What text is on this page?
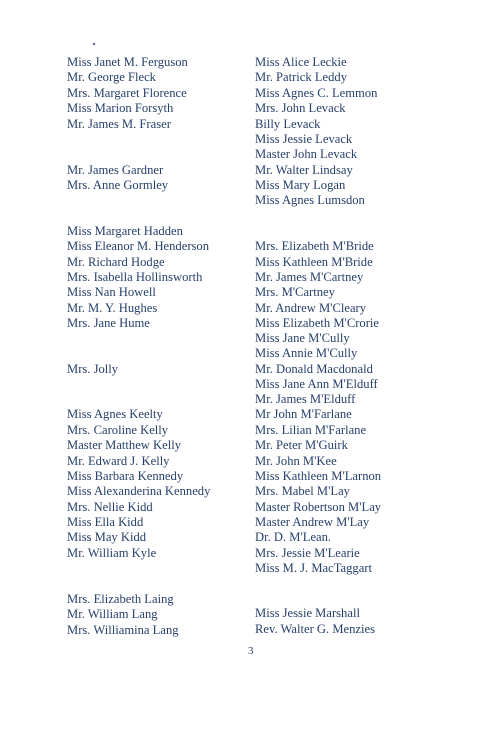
Miss Janet M. Ferguson
Mr. George Fleck
Mrs. Margaret Florence
Miss Marion Forsyth
Mr. James M. Fraser
Mr. James Gardner
Mrs. Anne Gormley
Miss Margaret Hadden
Miss Eleanor M. Henderson
Mr. Richard Hodge
Mrs. Isabella Hollinsworth
Miss Nan Howell
Mr. M. Y. Hughes
Mrs. Jane Hume
Mrs. Jolly
Miss Agnes Keelty
Mrs. Caroline Kelly
Master Matthew Kelly
Mr. Edward J. Kelly
Miss Barbara Kennedy
Miss Alexanderina Kennedy
Mrs. Nellie Kidd
Miss Ella Kidd
Miss May Kidd
Mr. William Kyle
Mrs. Elizabeth Laing
Mr. William Lang
Mrs. Williamina Lang
Miss Alice Leckie
Mr. Patrick Leddy
Miss Agnes C. Lemmon
Mrs. John Levack
Billy Levack
Miss Jessie Levack
Master John Levack
Mr. Walter Lindsay
Miss Mary Logan
Miss Agnes Lumsdon
Mrs. Elizabeth M'Bride
Miss Kathleen M'Bride
Mr. James M'Cartney
Mrs. M'Cartney
Mr. Andrew M'Cleary
Miss Elizabeth M'Crorie
Miss Jane M'Cully
Miss Annie M'Cully
Mr. Donald Macdonald
Miss Jane Ann M'Elduff
Mr. James M'Elduff
Mr John M'Farlane
Mrs. Lilian M'Farlane
Mr. Peter M'Guirk
Mr. John M'Kee
Miss Kathleen M'Larnon
Mrs. Mabel M'Lay
Master Robertson M'Lay
Master Andrew M'Lay
Dr. D. M'Lean.
Mrs. Jessie M'Learie
Miss M. J. MacTaggart
Miss Jessie Marshall
Rev. Walter G. Menzies
3
